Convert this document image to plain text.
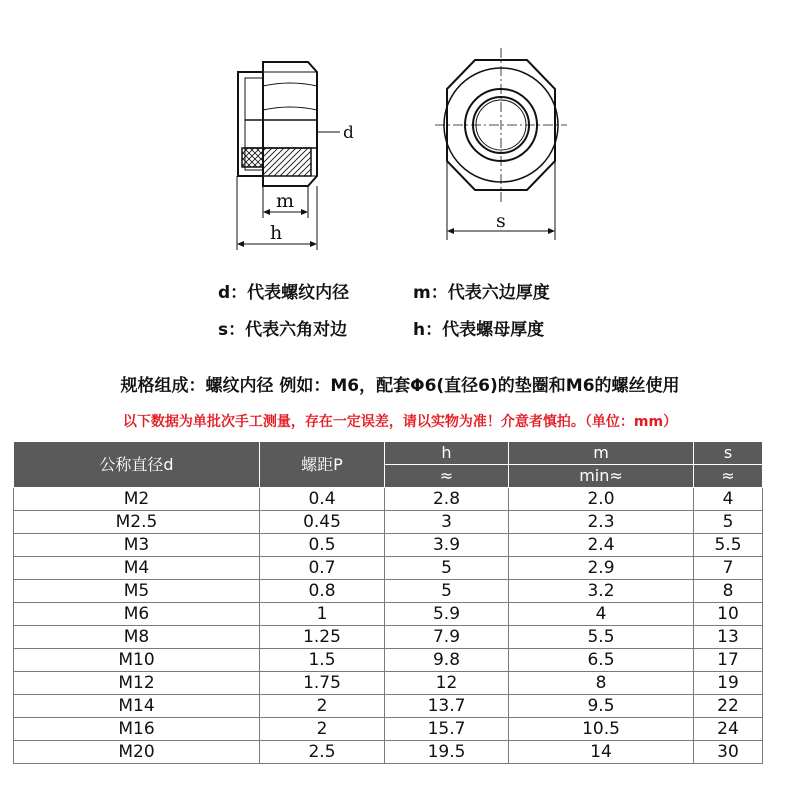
d
m
h
s
d：代表螺纹内径	m：代表六边厚度
s：代表六角对边	h：代表螺母厚度
规格组成：螺纹内径 例如：M6，配套Φ6(直径6)的垫圈和M6的螺丝使用
以下数据为单批次手工测量，存在一定误差，请以实物为准！介意者慎拍。（单位：mm）
公称直径d	螺距P	h	m	s
		≈	min≈	≈
M2	0.4	2.8	2.0	4
M2.5	0.45	3	2.3	5
M3	0.5	3.9	2.4	5.5
M4	0.7	5	2.9	7
M5	0.8	5	3.2	8
M6	1	5.9	4	10
M8	1.25	7.9	5.5	13
M10	1.5	9.8	6.5	17
M12	1.75	12	8	19
M14	2	13.7	9.5	22
M16	2	15.7	10.5	24
M20	2.5	19.5	14	30
